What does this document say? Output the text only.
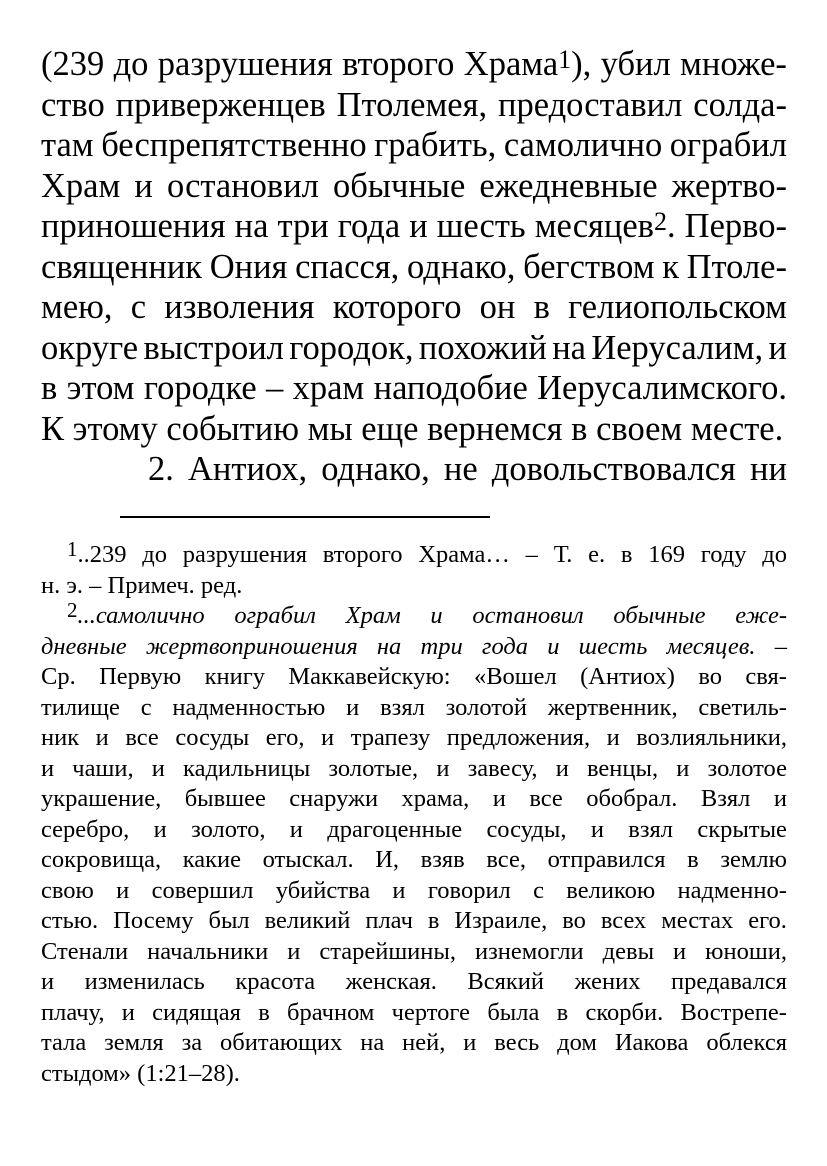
(239 до разрушения второго Храма$^1$), убил множе-
ство приверженцев Птолемея, предоставил солда-
там беспрепятственно грабить, самолично ограбил
Храм и остановил обычные ежедневные жертво-
приношения на три года и шесть месяцев$^2$. Перво-
священник Ония спасся, однако, бегством к Птоле-
мею, с изволения которого он в гелиопольском
округе выстроил городок, похожий на Иерусалим, и
в этом городке – храм наподобие Иерусалимского.
К
этому
событию
мы
еще
вернемся
в
своем
месте.
2. Антиох, однако, не довольствовался ни
$^1$..239 до разрушения второго Храма… – Т. е. в 169 году до
н.
э.
–
Примеч.
ред.
$^2$...самолично ограбил Храм и остановил обычные еже-
дневные жертвоприношения на три года и шесть месяцев. –
Ср. Первую книгу Маккавейскую: «Вошел (Антиох) во свя-
тилище с надменностью и взял золотой жертвенник, светиль-
ник и все сосуды его, и трапезу предложения, и возлияльники,
и чаши, и кадильницы золотые, и завесу, и венцы, и золотое
украшение, бывшее снаружи храма, и все обобрал. Взял и
серебро, и золото, и драгоценные сосуды, и взял скрытые
сокровища, какие отыскал. И, взяв все, отправился в землю
свою и совершил убийства и говорил с великою надменно-
стью. Посему был великий плач в Израиле, во всех местах его.
Стенали начальники и старейшины, изнемогли девы и юноши,
и изменилась красота женская. Всякий жених предавался
плачу, и сидящая в брачном чертоге была в скорби. Вострепе-
тала земля за обитающих на ней, и весь дом Иакова облекся
стыдом»
(1:21–28).
